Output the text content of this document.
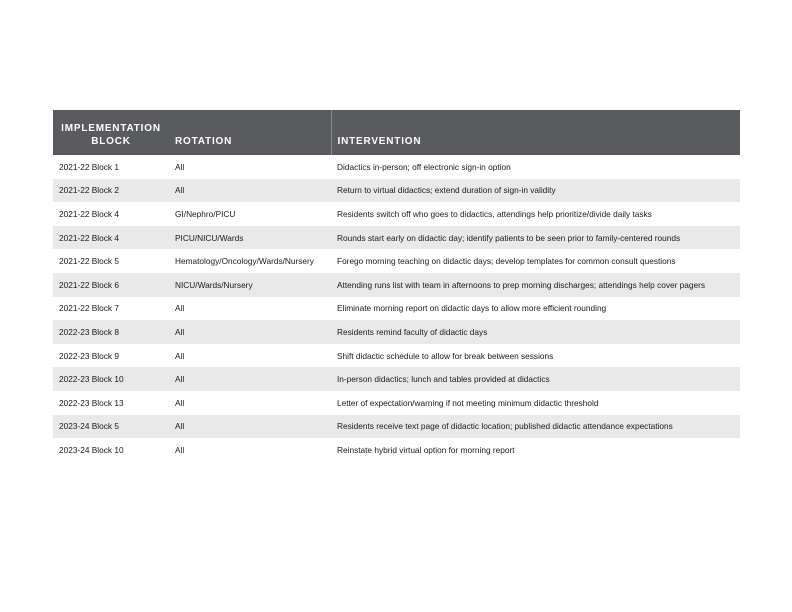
IMPLEMENTATION
BLOCK	ROTATION	INTERVENTION
2021-22 Block 1	All	Didactics in-person; off electronic sign-in option
2021-22 Block 2	All	Return to virtual didactics; extend duration of sign-in validity
2021-22 Block 4	GI/Nephro/PICU	Residents switch off who goes to didactics, attendings help prioritize/divide daily tasks
2021-22 Block 4	PICU/NICU/Wards	Rounds start early on didactic day; identify patients to be seen prior to family-centered rounds
2021-22 Block 5	Hematology/Oncology/Wards/Nursery	Forego morning teaching on didactic days; develop templates for common consult questions
2021-22 Block 6	NICU/Wards/Nursery	Attending runs list with team in afternoons to prep morning discharges; attendings help cover pagers
2021-22 Block 7	All	Eliminate morning report on didactic days to allow more efficient rounding
2022-23 Block 8	All	Residents remind faculty of didactic days
2022-23 Block 9	All	Shift didactic schedule to allow for break between sessions
2022-23 Block 10	All	In-person didactics; lunch and tables provided at didactics
2022-23 Block 13	All	Letter of expectation/warning if not meeting minimum didactic threshold
2023-24 Block 5	All	Residents receive text page of didactic location; published didactic attendance expectations
2023-24 Block 10	All	Reinstate hybrid virtual option for morning report
